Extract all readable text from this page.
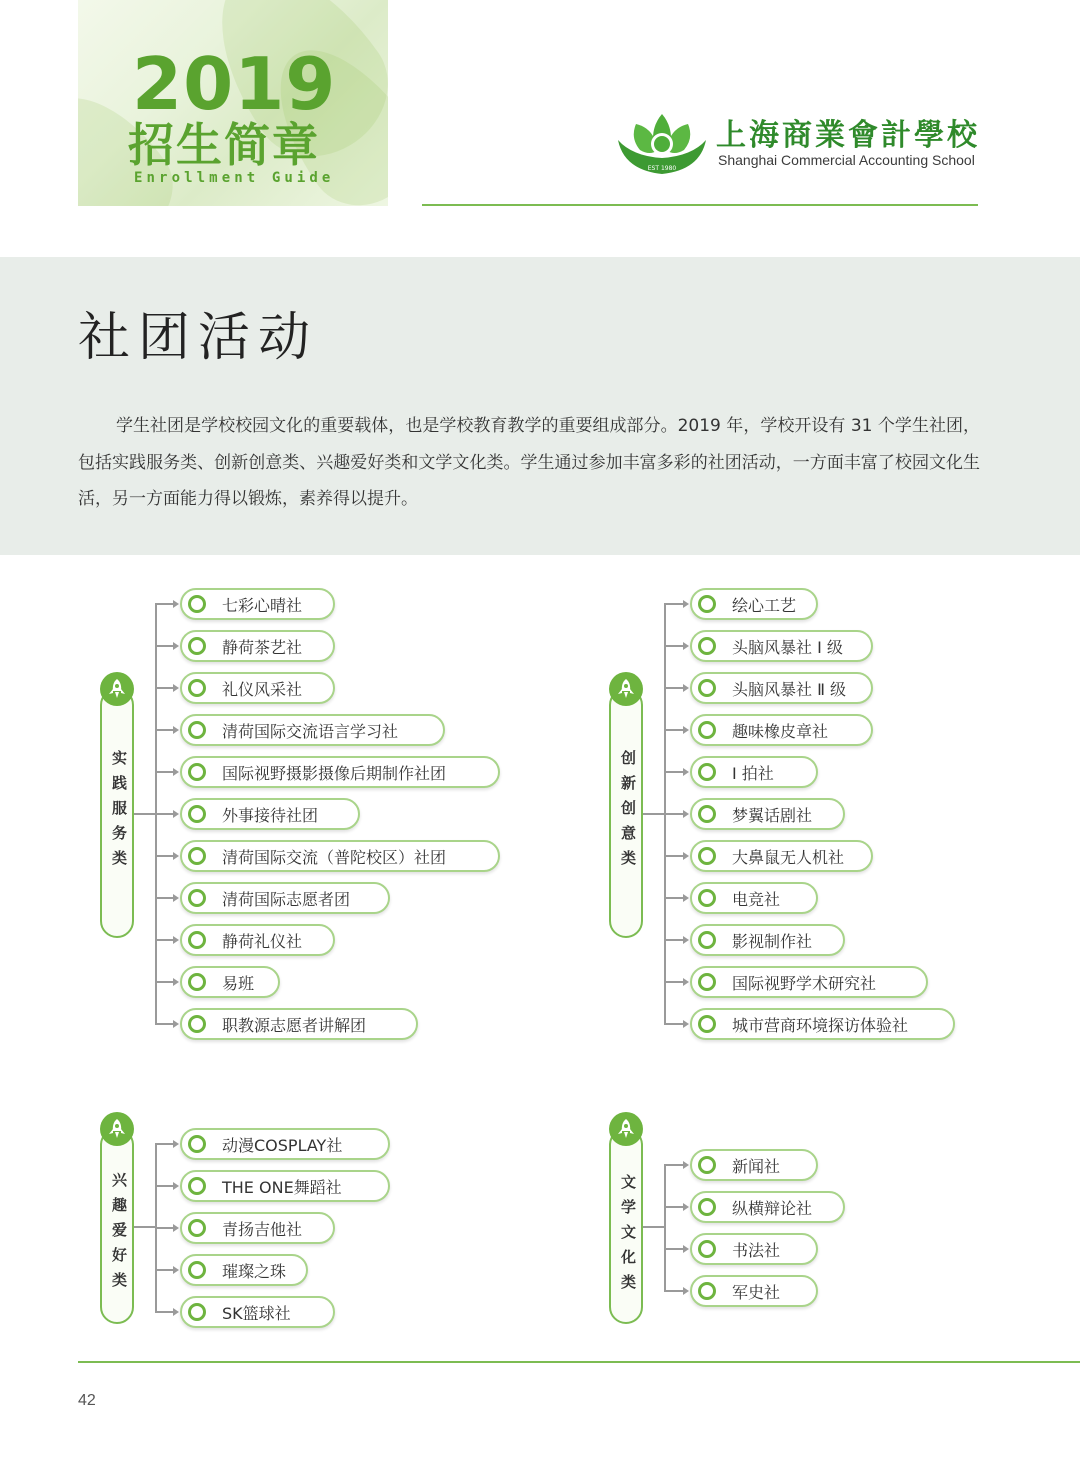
2019
招生简章
Enrollment Guide
EST 1980
上海商業會計學校
Shanghai Commercial Accounting School
社团活动

学生社团是学校校园文化的重要载体，也是学校教育教学的重要组成部分。2019 年，学校开设有 31 个学生社团，包括实践服务类、创新创意类、兴趣爱好类和文学文化类。学生通过参加丰富多彩的社团活动，一方面丰富了校园文化生活，另一方面能力得以锻炼，素养得以提升。

实践服务类
七彩心晴社
静荷茶艺社
礼仪风采社
清荷国际交流语言学习社
国际视野摄影摄像后期制作社团
外事接待社团
清荷国际交流（普陀校区）社团
清荷国际志愿者团
静荷礼仪社
易班
职教源志愿者讲解团
创新创意类
绘心工艺
头脑风暴社 Ⅰ 级
头脑风暴社 Ⅱ 级
趣味橡皮章社
Ⅰ 拍社
梦翼话剧社
大鼻鼠无人机社
电竞社
影视制作社
国际视野学术研究社
城市营商环境探访体验社
兴趣爱好类
动漫COSPLAY社
THE ONE舞蹈社
青扬吉他社
璀璨之珠
SK篮球社
文学文化类
新闻社
纵横辩论社
书法社
军史社
42
